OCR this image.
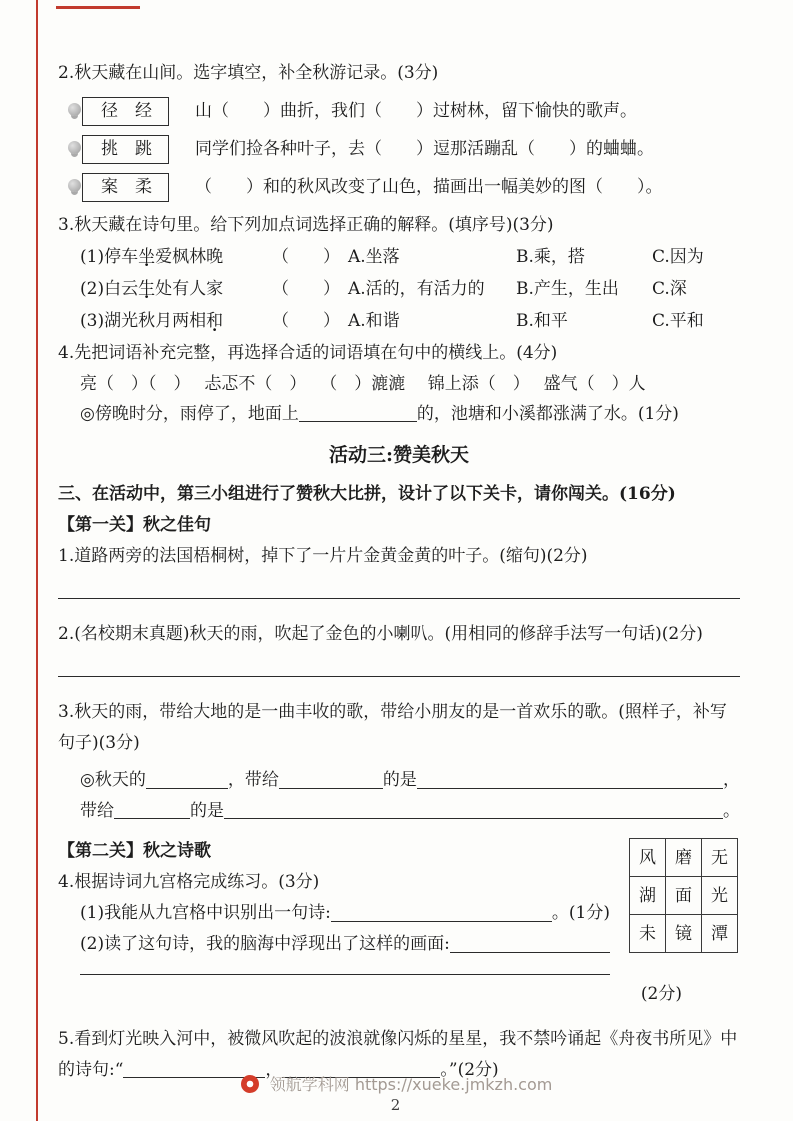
2.秋天藏在山间。选字填空，补全秋游记录。(3分)
径　经	山（　　）曲折，我们（　　）过树林，留下愉快的歌声。
挑　跳	同学们捡各种叶子，去（　　）逗那活蹦乱（　　）的蛐蛐。
案　柔	（　　）和的秋风改变了山色，描画出一幅美妙的图（　　）。
3.秋天藏在诗句里。给下列加点词选择正确的解释。(填序号)(3分)
(1)停车坐爱枫林晚	（　　） A.坐落	B.乘，搭	C.因为
(2)白云生处有人家	（　　） A.活的，有活力的	B.产生，生出	C.深
(3)湖光秋月两相和	（　　） A.和谐	B.和平	C.平和
4.先把词语补充完整，再选择合适的词语填在句中的横线上。(4分)
亮（　）（　）　 忐忑不（　）　 （　）漉漉　 锦上添（　）　 盛气（　）人
◎傍晚时分，雨停了，地面上	的，池塘和小溪都涨满了水。(1分)
活动三:赞美秋天
三、在活动中，第三小组进行了赞秋大比拼，设计了以下关卡，请你闯关。(16分)
【第一关】秋之佳句
1.道路两旁的法国梧桐树，掉下了一片片金黄金黄的叶子。(缩句)(2分)
2.(名校期末真题)秋天的雨，吹起了金色的小喇叭。(用相同的修辞手法写一句话)(2分)
3.秋天的雨，带给大地的是一曲丰收的歌，带给小朋友的是一首欢乐的歌。(照样子，补写句子)(3分)
◎秋天的	，带给	的是	，
带给	的是	。
风	磨	无
湖	面	光
未	镜	潭
【第二关】秋之诗歌
4.根据诗词九宫格完成练习。(3分)
(1)我能从九宫格中识别出一句诗:	。(1分)
(2)读了这句诗，我的脑海中浮现出了这样的画面:
(2分)
5.看到灯光映入河中，被微风吹起的波浪就像闪烁的星星，我不禁吟诵起《舟夜书所见》中的诗句:“	，	。”(2分)
领航学科网 https://xueke.jmkzh.com
2
